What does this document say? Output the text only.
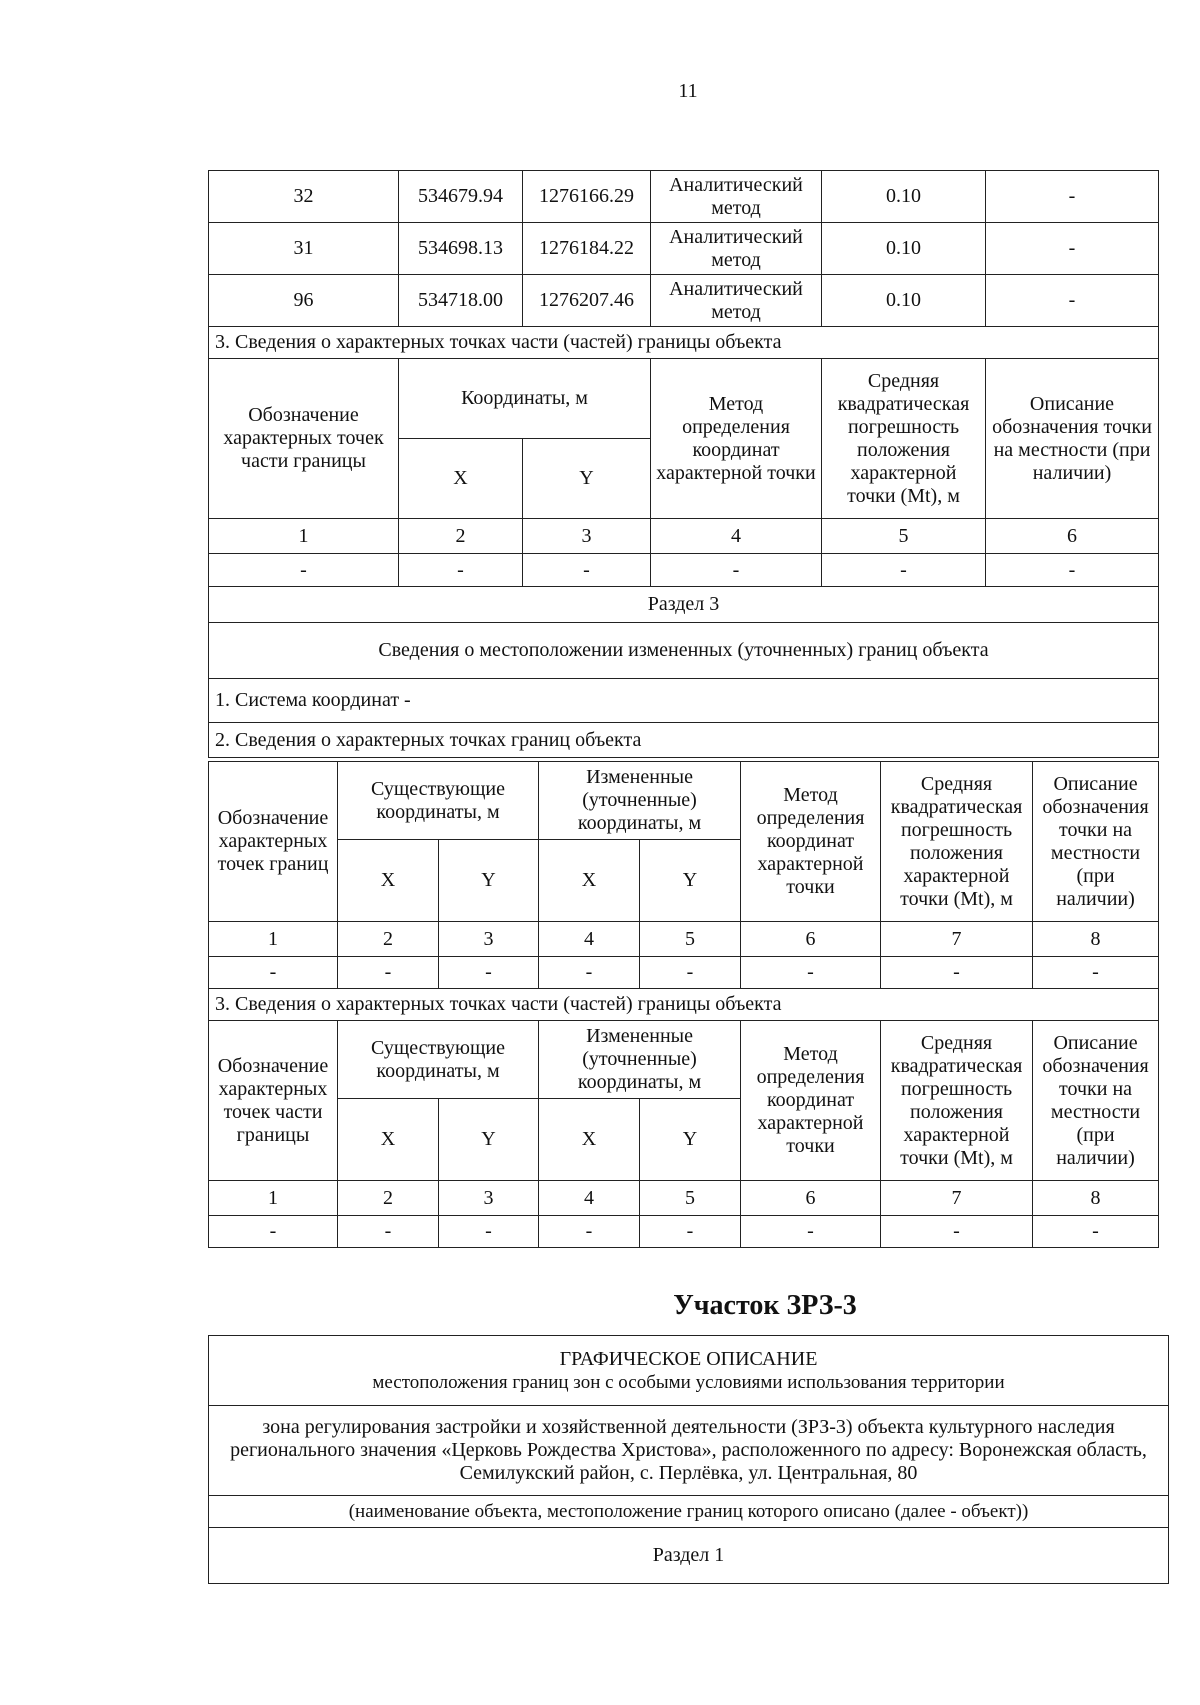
11
32	534679.94	1276166.29	Аналитический метод	0.10	-
31	534698.13	1276184.22	Аналитический метод	0.10	-
96	534718.00	1276207.46	Аналитический метод	0.10	-
3. Сведения о характерных точках части (частей) границы объекта					
Обозначение характерных точек части границы	Координаты, м		Метод определения координат характерной точки	Средняя квадратическая погрешность положения характерной точки (Mt), м	Описание обозначения точки на местности (при наличии)
	X	Y			
1	2	3	4	5	6
-	-	-	-	-	-
Раздел 3					
Сведения о местоположении измененных (уточненных) границ объекта					
1. Система координат -					
2. Сведения о характерных точках границ объекта					
Обозначение характерных точек границ	Существующие координаты, м		Измененные (уточненные) координаты, м		Метод определения координат характерной точки	Средняя квадратическая погрешность положения характерной точки (Mt), м	Описание обозначения точки на местности (при наличии)
	X	Y	X	Y			
1	2	3	4	5	6	7	8
-	-	-	-	-	-	-	-
3. Сведения о характерных точках части (частей) границы объекта							
Обозначение характерных точек части границы	Существующие координаты, м		Измененные (уточненные) координаты, м		Метод определения координат характерной точки	Средняя квадратическая погрешность положения характерной точки (Mt), м	Описание обозначения точки на местности (при наличии)
	X	Y	X	Y			
1	2	3	4	5	6	7	8
-	-	-	-	-	-	-	-
Участок ЗРЗ-3
ГРАФИЧЕСКОЕ ОПИСАНИЕ
местоположения границ зон с особыми условиями использования территории

зона регулирования застройки и хозяйственной деятельности (ЗРЗ-3) объекта культурного наследия регионального значения «Церковь Рождества Христова», расположенного по адресу: Воронежская область, Семилукский район, с. Перлёвка, ул. Центральная, 80
(наименование объекта, местоположение границ которого описано (далее - объект))
Раздел 1
